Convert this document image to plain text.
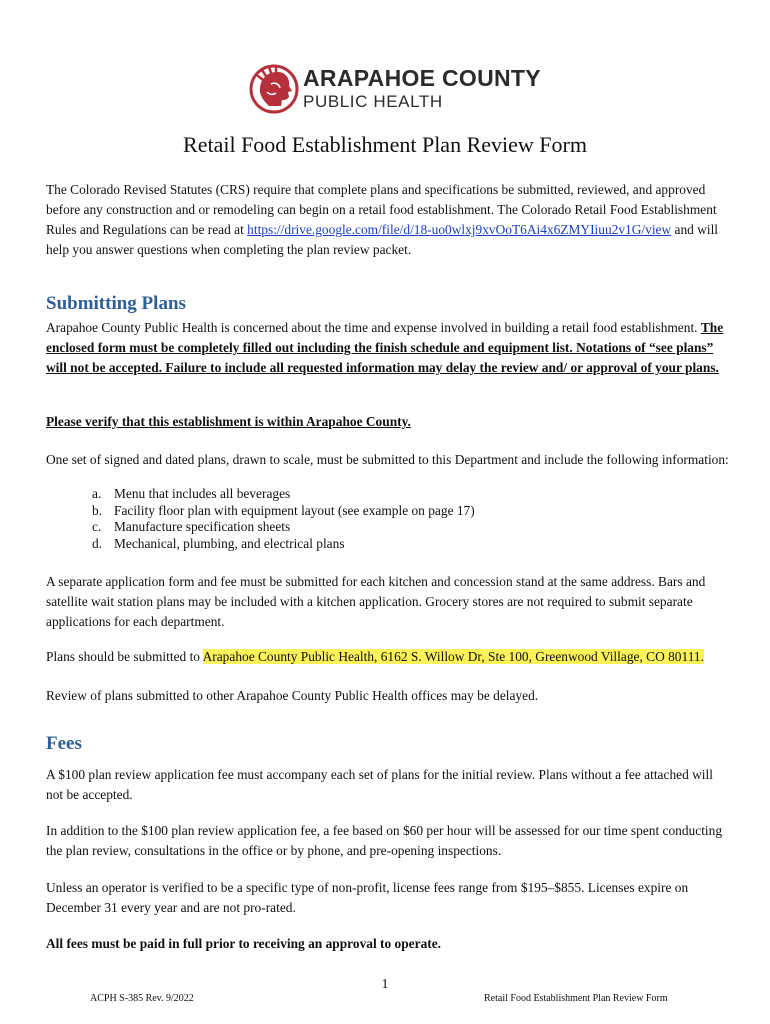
ARAPAHOE COUNTY
PUBLIC HEALTH
Retail Food Establishment Plan Review Form

The Colorado Revised Statutes (CRS) require that complete plans and specifications be submitted, reviewed, and approved before any construction and or remodeling can begin on a retail food establishment. The Colorado Retail Food Establishment Rules and Regulations can be read at https://drive.google.com/file/d/18-uo0wlxj9xvOoT6Ai4x6ZMYIiuu2v1G/view and will help you answer questions when completing the plan review packet.

Submitting Plans

Arapahoe County Public Health is concerned about the time and expense involved in building a retail food establishment. The enclosed form must be completely filled out including the finish schedule and equipment list. Notations of “see plans” will not be accepted. Failure to include all requested information may delay the review and/ or approval of your plans.

Please verify that this establishment is within Arapahoe County.

One set of signed and dated plans, drawn to scale, must be submitted to this Department and include the following information:

a. Menu that includes all beverages
b. Facility floor plan with equipment layout (see example on page 17)
c. Manufacture specification sheets
d. Mechanical, plumbing, and electrical plans

A separate application form and fee must be submitted for each kitchen and concession stand at the same address. Bars and satellite wait station plans may be included with a kitchen application. Grocery stores are not required to submit separate applications for each department.

Plans should be submitted to Arapahoe County Public Health, 6162 S. Willow Dr, Ste 100, Greenwood Village, CO 80111.

Review of plans submitted to other Arapahoe County Public Health offices may be delayed.

Fees

A $100 plan review application fee must accompany each set of plans for the initial review. Plans without a fee attached will not be accepted.

In addition to the $100 plan review application fee, a fee based on $60 per hour will be assessed for our time spent conducting the plan review, consultations in the office or by phone, and pre-opening inspections.

Unless an operator is verified to be a specific type of non-profit, license fees range from $195–$855. Licenses expire on December 31 every year and are not pro-rated.

All fees must be paid in full prior to receiving an approval to operate.

1
ACPH S-385 Rev. 9/2022	Retail Food Establishment Plan Review Form
